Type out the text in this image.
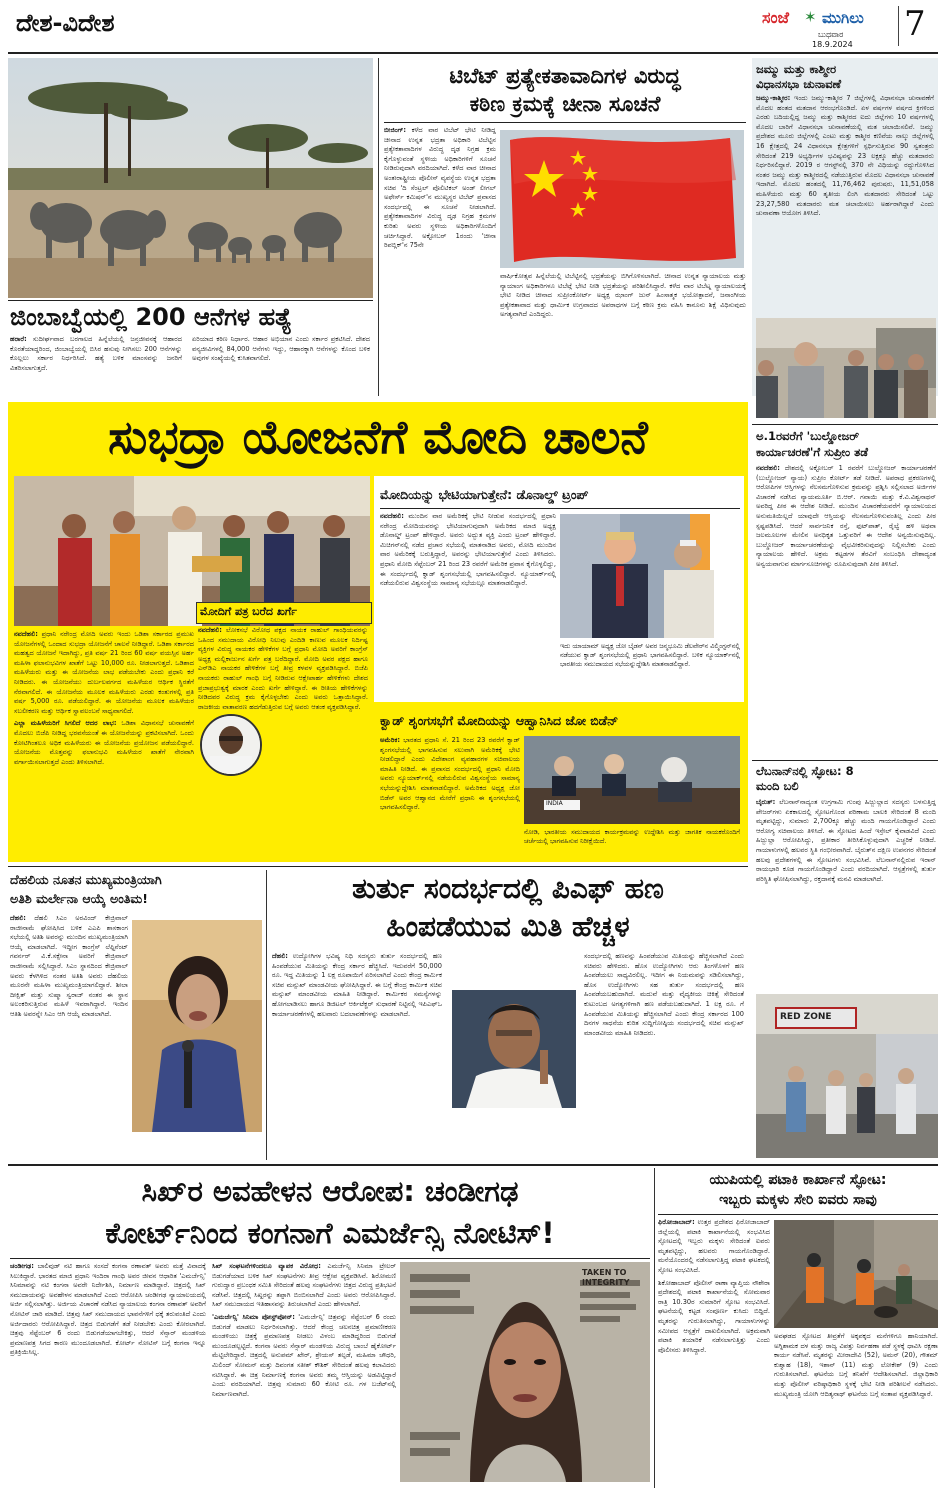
ದೇಶ-ವಿದೇಶ	ಸಂಜೆ ✶ ಮುಗಿಲು
ಬುಧವಾರ
18.9.2024
7
ಜಿಂಬಾಬ್ವೆಯಲ್ಲಿ 200 ಆನೆಗಳ ಹತ್ಯೆ
ಹರಾರೆ: ಸುದೀರ್ಘವಾದ ಬರಗಾಲದ ಹಿನ್ನೆಲೆಯಲ್ಲಿ ಜನ್ರಜೀವನಕ್ಕೆ ಆಹಾರದ ಕೊರತೆಯಾದ್ದರಿಂದ, ಜಿಂಬಾಬ್ವೆಯಲ್ಲಿ ಬಿಸಿರ ಹಸುವು ನೀಗಿಸಲು 200 ಆನೆಗಳನ್ನು ಕೊಲ್ಲಲು ಸರ್ಕಾರ ನಿರ್ಧರಿಸಿದೆ. ಹತ್ಯೆ ಬಳಿಕ ಮಾಂಸವನ್ನು ಜನರಿಗೆ ವಿತರಿಸಲಾಗುತ್ತದೆ.
ಏರಿಯಾದ ಕಠಿಣ ನಿರ್ಧಾರ. ಆಹಾರ ಅಭಿಯಾನ ಎಂದು ಸರ್ಕಾರ ಪ್ರಕಟಿಸಿದೆ. ದೇಶದ ವನ್ಯಜೀವಿಗಳಲ್ಲಿ 84,000 ಆನೆಗಳು ಇದ್ದು, ಆಹಾರಕ್ಕಾಗಿ ಆನೆಗಳನ್ನು ಕೊಂದ ಬಳಿಕ ಅವುಗಳ ಸಂಖ್ಯೆಯಲ್ಲಿ ಕುಸಿತವಾಗಲಿದೆ.
ಟಿಬೆಟ್ ಪ್ರತ್ಯೇಕತಾವಾದಿಗಳ ವಿರುದ್ಧ
ಕಠಿಣ ಕ್ರಮಕ್ಕೆ ಚೀನಾ ಸೂಚನೆ
ಬೀಜಿಂಗ್: ಕಳೆದ ವಾರ ಟಿಬೆಟ್ ಭೇಟಿ ನೀಡಿದ್ದ ಚೀನಾದ ಉನ್ನತ ಭದ್ರತಾ ಅಧಿಕಾರಿ ಟಿಬೆಟ್ಟಿನ ಪ್ರತ್ಯೇಕತಾವಾದಿಗಳ ವಿರುದ್ಧ ದೃಢ ನಿಗ್ರಹ ಕ್ರಮ ಕೈಗೊಳ್ಳುವಂತೆ ಸ್ಥಳೀಯ ಅಧಿಕಾರಿಗಳಿಗೆ ಸೂಚನೆ ನೀಡಿರುವುದಾಗಿ ವರದಿಯಾಗಿದೆ. ಕಳೆದ ವಾರ ಚೀನಾದ ಅಂತಃರಾಷ್ಟ್ರೀಯ ಪೊಲೀಸ್ ವ್ಯವಸ್ಥೆಯ ಉನ್ನತ ಭದ್ರತಾ ಸಚಿವ 'ದಿ ಸೆಂಟ್ರಲ್ ಪೊಲಿಟಿಕಲ್ ಅಂಡ್ ಲೀಗಲ್ ಅಫೇರ್ಸ್ ಕಮಿಷನ್'ನ ಮುಖ್ಯಸ್ಥರ ಟಿಬೆಟ್ ಪ್ರವಾಸದ ಸಂದರ್ಭದಲ್ಲಿ ಈ ಸೂಚನೆ ನೀಡಲಾಗಿದೆ. ಪ್ರತ್ಯೇಕತಾವಾದಿಗಳ ವಿರುದ್ಧ ದೃಢ ನಿಗ್ರಹ ಕ್ರಮಗಳ ಕುರಿತು ಅವರು ಸ್ಥಳೀಯ ಅಧಿಕಾರಿಗಳೊಂದಿಗೆ ಚರ್ಚಿಸಿದ್ದಾರೆ. ಅಕ್ಟೋಬರ್ 1ರಂದು 'ಚೀನಾ ರಿಪಬ್ಲಿಕ್'ನ 75ನೇ
ವಾರ್ಷಿಕೋತ್ಸವ ಹಿನ್ನೆಲೆಯಲ್ಲಿ ಟಿಬೆಟ್ಟಿನಲ್ಲಿ ಭದ್ರತೆಯನ್ನು ಬಿಗಿಗೊಳಿಸಲಾಗಿದೆ. ಚೀನಾದ ಉನ್ನತ ನ್ಯಾಯಾಲಯ ಮತ್ತು ನ್ಯಾಯಾಂಗ ಅಧಿಕಾರಿಗಳೂ ಟಿಬೆಟ್ಗೆ ಭೇಟಿ ನೀಡಿ ಭದ್ರತೆಯನ್ನು ಪರಿಶೀಲಿಸಿದ್ದಾರೆ. ಕಳೆದ ವಾರ ಟಿಬೆಟ್ನ ನ್ಯಾಯಾಲಯಕ್ಕೆ ಭೇಟಿ ನೀಡಿದ ಚೀನಾದ ಸುಪ್ರೀಂಕೋರ್ಟ್ ಅಧ್ಯಕ್ಷ ಝಾಂಗ್ ಜುನ್ ಹಿಂಸಾತ್ಮಕ ಭಯೋತ್ಪಾದನೆ, ಜನಾಂಗೀಯ ಪ್ರತ್ಯೇಕತಾವಾದ ಮತ್ತು ಧಾರ್ಮಿಕ ಉಗ್ರವಾದದ ಅಪರಾಧಗಳ ಬಗ್ಗೆ ಕಠಿಣ ಕ್ರಮ ವಹಿಸಿ ಕಾನೂನು ಶಿಕ್ಷೆ ವಿಧಿಸುವುದು ಅಗತ್ಯವಾಗಿದೆ ಎಂದಿದ್ದರು.
ಜಮ್ಮು ಮತ್ತು ಕಾಶ್ಮೀರ
ವಿಧಾನಸಭಾ ಚುನಾವಣೆ
ಜಮ್ಮು-ಕಾಶ್ಮೀರ: ಇಂದು ಜಮ್ಮು-ಕಾಶ್ಮೀರ 7 ಜಿಲ್ಲೆಗಳಲ್ಲಿ ವಿಧಾನಸಭಾ ಚುನಾವಣೆಗೆ ಮೊದಲ ಹಂತದ ಮತದಾನ ಆರಂಭಗೊಂಡಿದೆ. ಏಳ ವರ್ಷಗಳ ವರ್ಷದ ಕ್ರಿಗಳಿಂದ ಎರಡು ಬದಿಯಲ್ಲಿದ್ದ ಜಮ್ಮು ಮತ್ತು ಕಾಶ್ಮೀರದ ಐದು ಜಿಲ್ಲೆಗಳು 10 ವರ್ಷಗಳಲ್ಲಿ ಮೊದಲ ಬಾರಿಗೆ ವಿಧಾನಸಭಾ ಚುನಾವಣೆಯಲ್ಲಿ ಮತ ಚಲಾಯಿಸಲಿವೆ. ಜಮ್ಮು ಪ್ರದೇಶದ ಮೂರು ಜಿಲ್ಲೆಗಳಲ್ಲಿ ಎಂಟು ಮತ್ತು ಕಾಶ್ಮೀರ ಕಣಿವೆಯ ನಾಲ್ಕು ಜಿಲ್ಲೆಗಳಲ್ಲಿ 16 ಕ್ಷೇತ್ರದಲ್ಲಿ 24 ವಿಧಾನಸಭಾ ಕ್ಷೇತ್ರಗಳಿಗೆ ಸ್ಪರ್ಧಿಸುತ್ತಿರುವ 90 ಸ್ವತಂತ್ರರು ಸೇರಿದಂತೆ 219 ಅಭ್ಯರ್ಥಿಗಳ ಭವಿಷ್ಯವನ್ನು 23 ಲಕ್ಷಕ್ಕೂ ಹೆಚ್ಚು ಮತದಾರರು ನಿರ್ಧರಿಸಲಿದ್ದಾರೆ. 2019 ರ ಆಗಸ್ಟ್‌ನಲ್ಲಿ 370 ನೇ ವಿಧಿಯನ್ನು ರದ್ದುಗೊಳಿಸಿದ ನಂತರ ಜಮ್ಮು ಮತ್ತು ಕಾಶ್ಮೀರದಲ್ಲಿ ನಡೆಯುತ್ತಿರುವ ಮೊದಲ ವಿಧಾನಸಭಾ ಚುನಾವಣೆ ಇದಾಗಿದೆ. ಮೊದಲ ಹಂತದಲ್ಲಿ 11,76,462 ಪುರುಷರು, 11,51,058 ಮಹಿಳೆಯರು ಮತ್ತು 60 ತೃತೀಯ ಲಿಂಗಿ ಮತದಾರರು ಸೇರಿದಂತೆ ಒಟ್ಟು 23,27,580 ಮತದಾರರು ಮತ ಚಲಾಯಿಸಲು ಅರ್ಹರಾಗಿದ್ದಾರೆ ಎಂದು ಚುನಾವಣಾ ಆಯೋಗ ತಿಳಿಸಿದೆ.
ಸುಭದ್ರಾ ಯೋಜನೆಗೆ ಮೋದಿ ಚಾಲನೆ

ನವದೆಹಲಿ: ಪ್ರಧಾನಿ ನರೇಂದ್ರ ಮೋದಿ ಅವರು ಇಂದು ಒಡಿಶಾ ಸರ್ಕಾರದ ಪ್ರಮುಖ ಯೋಜನೆಗಳಲ್ಲಿ ಒಂದಾದ ಸುಭದ್ರಾ ಯೋಜನೆಗೆ ಚಾಲನೆ ನೀಡಿದ್ದಾರೆ. ಒಡಿಶಾ ಸರ್ಕಾರದ ಮಹತ್ವದ ಯೋಜನೆ ಇದಾಗಿದ್ದು, ಪ್ರತಿ ವರ್ಷ 21 ರಿಂದ 60 ವರ್ಷ ವಯಸ್ಸಿನ ಅರ್ಹ ಮಹಿಳಾ ಫಲಾನುಭವಿಗಳ ಖಾತೆಗೆ ಒಟ್ಟು 10,000 ರೂ. ನೀಡಲಾಗುತ್ತದೆ. ಒಡಿಶಾದ ಮಹಿಳೆಯರು ಮತ್ತು ಈ ಯೋಜನೆಯ ಲಾಭ ಪಡೆಯಬೇಕು ಎಂದು ಪ್ರಧಾನಿ ಕರೆ ನೀಡಿದರು. ಈ ಯೋಜನೆಯು ದುರ್ಬಲವರ್ಗದ ಮಹಿಳೆಯರ ಆರ್ಥಿಕ ಸ್ಥಿರತೆಗೆ ನೆರವಾಗಲಿದೆ. ಈ ಯೋಜನೆಯ ಮೂಲಕ ಮಹಿಳೆಯರು ಎರಡು ಕಂತುಗಳಲ್ಲಿ ಪ್ರತಿ ವರ್ಷ 5,000 ರೂ. ಪಡೆಯಲಿದ್ದಾರೆ. ಈ ಯೋಜನೆಯ ಮೂಲಕ ಮಹಿಳೆಯರ ಸಬಲೀಕರಣ ಮತ್ತು ಆರ್ಥಿಕ ಸ್ವಾವಲಂಬನೆ ಸಾಧ್ಯವಾಗಲಿದೆ.

ಎಲ್ಲಾ ಮಹಿಳೆಯರಿಗೆ ಸಿಗಲಿದೆ ಆದರ ಲಾಭ: ಒಡಿಶಾ ವಿಧಾನಸಭೆ ಚುನಾವಣೆಗೆ ಮೊದಲು ಬಿಜೆಪಿ ನೀಡಿದ್ದ ಭರವಸೆಯಂತೆ ಈ ಯೋಜನೆಯನ್ನು ಪ್ರಕಟಿಸಲಾಗಿದೆ. ಒಂದು ಕೋಟಿಗಿಂತಲೂ ಅಧಿಕ ಮಹಿಳೆಯರು ಈ ಯೋಜನೆಯ ಪ್ರಯೋಜನ ಪಡೆಯಲಿದ್ದಾರೆ. ಯೋಜನೆಯ ಮೊತ್ತವನ್ನು ಫಲಾನುಭವಿ ಮಹಿಳೆಯರ ಖಾತೆಗೆ ನೇರವಾಗಿ ವರ್ಗಾಯಿಸಲಾಗುತ್ತದೆ ಎಂದು ತಿಳಿಸಲಾಗಿದೆ.

ಮೋದಿಗೆ ಪತ್ರ ಬರೆದ ಖರ್ಗೆ
ನವದೆಹಲಿ: ಲೋಕಸಭೆ ವಿರೋಧ ಪಕ್ಷದ ನಾಯಕ ರಾಹುಲ್ ಗಾಂಧಿಯವರನ್ನು ಒಹಿಂದ ಸಮುದಾಯ ವಿರೋಧಿ ನಿಲುವು ಎಂದಿಡಿ ಕಾಣುವ ಮೂಲಕ ನಿರ್ದಿಷ್ಟ ವ್ಯಕ್ತಿಗಳ ವಿರುದ್ಧ ನಾಯಕರ ಹೇಳಿಕೆಗಳ ಬಗ್ಗೆ ಪ್ರಧಾನಿ ಮೋದಿ ಅವರಿಗೆ ಕಾಂಗ್ರೆಸ್ ಅಧ್ಯಕ್ಷ ಮಲ್ಲಿಕಾರ್ಜುನ ಖರ್ಗೆ ಪತ್ರ ಬರೆದಿದ್ದಾರೆ. ಮೋದಿ ಅವರ ಪಕ್ಷದ ಹಾಗೂ ಎನ್‌ಡಿಎ ನಾಯಕರ ಹೇಳಿಕೆಗಳ ಬಗ್ಗೆ ತೀವ್ರ ಕಳವಳ ವ್ಯಕ್ತಪಡಿಸಿದ್ದಾರೆ. ಬಿಜೆಪಿ ನಾಯಕರು ರಾಹುಲ್ ಗಾಂಧಿ ಬಗ್ಗೆ ನೀಡಿರುವ ಆಕ್ಷೇಪಾರ್ಹ ಹೇಳಿಕೆಗಳು ದೇಶದ ಪ್ರಜಾಪ್ರಭುತ್ವಕ್ಕೆ ಮಾರಕ ಎಂದು ಖರ್ಗೆ ಹೇಳಿದ್ದಾರೆ. ಈ ರೀತಿಯ ಹೇಳಿಕೆಗಳನ್ನು ನೀಡಿದವರ ವಿರುದ್ಧ ಕ್ರಮ ಕೈಗೊಳ್ಳಬೇಕು ಎಂದು ಅವರು ಒತ್ತಾಯಿಸಿದ್ದಾರೆ. ರಾಜಕೀಯ ವಾತಾವರಣ ಹದಗೆಡುತ್ತಿರುವ ಬಗ್ಗೆ ಅವರು ಆತಂಕ ವ್ಯಕ್ತಪಡಿಸಿದ್ದಾರೆ.
ಮೋದಿಯನ್ನು ಭೇಟಿಯಾಗುತ್ತೇನೆ: ಡೊನಾಲ್ಡ್ ಟ್ರಂಪ್
ನವದೆಹಲಿ: ಮುಂದಿನ ವಾರ ಅಮೆರಿಕಕ್ಕೆ ಭೇಟಿ ನೀಡುವ ಸಂದರ್ಭದಲ್ಲಿ ಪ್ರಧಾನಿ ನರೇಂದ್ರ ಮೋದಿಯವರನ್ನು ಭೇಟಿಯಾಗುವುದಾಗಿ ಅಮೆರಿಕದ ಮಾಜಿ ಅಧ್ಯಕ್ಷ ಡೊನಾಲ್ಡ್ ಟ್ರಂಪ್ ಹೇಳಿದ್ದಾರೆ. ಅವರು ಅದ್ಭುತ ವ್ಯಕ್ತಿ ಎಂದು ಟ್ರಂಪ್ ಹೇಳಿದ್ದಾರೆ. ಮಿಚಿಗನ್‌ನಲ್ಲಿ ನಡೆದ ಪ್ರಚಾರ ಸಭೆಯಲ್ಲಿ ಮಾತನಾಡಿದ ಅವರು, ಮೋದಿ ಮುಂದಿನ ವಾರ ಅಮೆರಿಕಕ್ಕೆ ಬರುತ್ತಿದ್ದಾರೆ, ಅವರನ್ನು ಭೇಟಿಯಾಗುತ್ತೇನೆ ಎಂದು ತಿಳಿಸಿದರು. ಪ್ರಧಾನಿ ಮೋದಿ ಸೆಪ್ಟೆಂಬರ್ 21 ರಿಂದ 23 ರವರೆಗೆ ಅಮೆರಿಕ ಪ್ರವಾಸ ಕೈಗೊಳ್ಳಲಿದ್ದು, ಈ ಸಂದರ್ಭದಲ್ಲಿ ಕ್ವಾಡ್ ಶೃಂಗಸಭೆಯಲ್ಲಿ ಭಾಗವಹಿಸಲಿದ್ದಾರೆ. ನ್ಯೂಯಾರ್ಕ್‌ನಲ್ಲಿ ನಡೆಯಲಿರುವ ವಿಶ್ವಸಂಸ್ಥೆಯ ಸಾಮಾನ್ಯ ಸಭೆಯಲ್ಲೂ ಮಾತನಾಡಲಿದ್ದಾರೆ.
ಇದು ಯಾಯಾಮ್ ಅಧ್ಯಕ್ಷ ಜೋ ಬೈಡನ್ ಅವರ ಜನ್ಮಭೂಮಿ ಡೆಲವೇರ್‌ನ ವಿಲ್ಮಿಂಗ್ಟನ್‌ನಲ್ಲಿ ನಡೆಯುವ ಕ್ವಾಡ್ ಶೃಂಗಸಭೆಯಲ್ಲಿ ಪ್ರಧಾನಿ ಭಾಗವಹಿಸಲಿದ್ದಾರೆ. ಬಳಿಕ ನ್ಯೂಯಾರ್ಕ್‌ನಲ್ಲಿ ಭಾರತೀಯ ಸಮುದಾಯದ ಸಭೆಯನ್ನುದ್ದೇಶಿಸಿ ಮಾತನಾಡಲಿದ್ದಾರೆ.
ಕ್ವಾಡ್ ಶೃಂಗಸಭೆಗೆ ಮೋದಿಯನ್ನು ಆಹ್ವಾನಿಸಿದ ಜೋ ಬಿಡೆನ್
ಅಮೆರಿಕ: ಭಾರತದ ಪ್ರಧಾನಿ ಸೆ. 21 ರಿಂದ 23 ರವರೆಗೆ ಕ್ವಾಡ್ ಶೃಂಗಸಭೆಯಲ್ಲಿ ಭಾಗವಹಿಸುವ ಸಲುವಾಗಿ ಅಮೆರಿಕಕ್ಕೆ ಭೇಟಿ ನೀಡಲಿದ್ದಾರೆ ಎಂದು ವಿದೇಶಾಂಗ ವ್ಯವಹಾರಗಳ ಸಚಿವಾಲಯ ಮಾಹಿತಿ ನೀಡಿದೆ. ಈ ಪ್ರವಾಸದ ಸಂದರ್ಭದಲ್ಲಿ ಪ್ರಧಾನಿ ಮೋದಿ ಅವರು ನ್ಯೂಯಾರ್ಕ್‌ನಲ್ಲಿ ನಡೆಯಲಿರುವ ವಿಶ್ವಸಂಸ್ಥೆಯ ಸಾಮಾನ್ಯ ಸಭೆಯನ್ನುದ್ದೇಶಿಸಿ ಮಾತನಾಡಲಿದ್ದಾರೆ. ಅಮೆರಿಕದ ಅಧ್ಯಕ್ಷ ಜೋ ಬಿಡೆನ್ ಅವರ ಆಹ್ವಾನದ ಮೇರೆಗೆ ಪ್ರಧಾನಿ ಈ ಶೃಂಗಸಭೆಯಲ್ಲಿ ಭಾಗವಹಿಸಲಿದ್ದಾರೆ.	INDIA
ನೋಡಿ, ಭಾರತೀಯ ಸಮುದಾಯದ ಕಾರ್ಯಕ್ರಮವನ್ನು ಉದ್ದೇಶಿಸಿ ಮತ್ತು ಜಾಗತಿಕ ನಾಯಕರೊಂದಿಗೆ ಚರ್ಚೆಯಲ್ಲಿ ಭಾಗವಹಿಸುವ ನಿರೀಕ್ಷೆಯಿದೆ.
ಅ.1ರವರೆಗೆ 'ಬುಲ್ಡೋಜರ್
ಕಾರ್ಯಾಚರಣೆ'ಗೆ ಸುಪ್ರೀಂ ತಡೆ
ನವದೆಹಲಿ: ದೇಶದಲ್ಲಿ ಅಕ್ಟೋಬರ್ 1 ರವರೆಗೆ ಬುಲ್ಡೋಜರ್ ಕಾರ್ಯಾಚರಣೆಗೆ (ಬುಲ್ಡೋಜರ್ ನ್ಯಾಯ) ಸುಪ್ರೀಂ ಕೋರ್ಟ್ ತಡೆ ನೀಡಿದೆ. ಅಪರಾಧ ಪ್ರಕರಣಗಳಲ್ಲಿ ಆರೋಪಿಗಳ ಆಸ್ತಿಗಳನ್ನು ನೆಲಸಮಗೊಳಿಸುವ ಕ್ರಮವನ್ನು ಪ್ರಶ್ನಿಸಿ ಸಲ್ಲಿಸಲಾದ ಅರ್ಜಿಗಳ ವಿಚಾರಣೆ ನಡೆಸಿದ ನ್ಯಾಯಮೂರ್ತಿ ಬಿ.ಆರ್. ಗವಾಯಿ ಮತ್ತು ಕೆ.ವಿ.ವಿಶ್ವನಾಥನ್ ಅವರಿದ್ದ ಪೀಠ ಈ ಆದೇಶ ನೀಡಿದೆ. ಮುಂದಿನ ವಿಚಾರಣೆಯವರೆಗೆ ನ್ಯಾಯಾಲಯದ ಅನುಮತಿಯಿಲ್ಲದೆ ಯಾವುದೇ ಆಸ್ತಿಯನ್ನು ನೆಲಸಮಗೊಳಿಸುವಂತಿಲ್ಲ ಎಂದು ಪೀಠ ಸ್ಪಷ್ಟಪಡಿಸಿದೆ. ಆದರೆ ಸಾರ್ವಜನಿಕ ರಸ್ತೆ, ಫುಟ್‌ಪಾತ್, ರೈಲ್ವೆ ಹಳಿ ಅಥವಾ ಜಲಮೂಲಗಳ ಮೇಲಿನ ಅನಧಿಕೃತ ಒತ್ತುವರಿಗೆ ಈ ಆದೇಶ ಅನ್ವಯಿಸುವುದಿಲ್ಲ. ಬುಲ್ಡೋಜರ್ ಕಾರ್ಯಾಚರಣೆಯನ್ನು ವೈಭವೀಕರಿಸುವುದನ್ನು ನಿಲ್ಲಿಸಬೇಕು ಎಂದು ನ್ಯಾಯಾಲಯ ಹೇಳಿದೆ. ಅಕ್ರಮ ಕಟ್ಟಡಗಳ ತೆರವಿಗೆ ಸಂಬಂಧಿಸಿ ದೇಶಾದ್ಯಂತ ಅನ್ವಯವಾಗುವ ಮಾರ್ಗಸೂಚಿಗಳನ್ನು ರೂಪಿಸುವುದಾಗಿ ಪೀಠ ತಿಳಿಸಿದೆ.
ಲೆಬನಾನ್‌ನಲ್ಲಿ ಸ್ಫೋಟ: 8
ಮಂದಿ ಬಲಿ
ಬೈರುತ್: ಲೆಬನಾನ್‌ನಾದ್ಯಂತ ಉಗ್ರಗಾಮಿ ಗುಂಪು ಹಿಜ್ಬುಲ್ಲಾದ ಸದಸ್ಯರು ಬಳಸುತ್ತಿದ್ದ ಪೇಜರ್‌ಗಳು ಏಕಕಾಲದಲ್ಲಿ ಸ್ಫೋಟಗೊಂಡ ಪರಿಣಾಮ ಬಾಲಕಿ ಸೇರಿದಂತೆ 8 ಮಂದಿ ಮೃತಪಟ್ಟಿದ್ದು, ಸುಮಾರು 2,700ಕ್ಕೂ ಹೆಚ್ಚು ಮಂದಿ ಗಾಯಗೊಂಡಿದ್ದಾರೆ ಎಂದು ಆರೋಗ್ಯ ಸಚಿವಾಲಯ ತಿಳಿಸಿದೆ. ಈ ಸ್ಫೋಟದ ಹಿಂದೆ ಇಸ್ರೇಲ್ ಕೈವಾಡವಿದೆ ಎಂದು ಹಿಜ್ಬುಲ್ಲಾ ಆರೋಪಿಸಿದ್ದು, ಪ್ರತೀಕಾರ ತೀರಿಸಿಕೊಳ್ಳುವುದಾಗಿ ಎಚ್ಚರಿಕೆ ನೀಡಿದೆ. ಗಾಯಾಳುಗಳಲ್ಲಿ ಹಲವರ ಸ್ಥಿತಿ ಗಂಭೀರವಾಗಿದೆ. ಬೈರುತ್‌ನ ದಕ್ಷಿಣ ಉಪನಗರ ಸೇರಿದಂತೆ ಹಲವು ಪ್ರದೇಶಗಳಲ್ಲಿ ಈ ಸ್ಫೋಟಗಳು ಸಂಭವಿಸಿವೆ. ಲೆಬನಾನ್‌ನಲ್ಲಿರುವ ಇರಾನ್ ರಾಯಭಾರಿ ಕೂಡ ಗಾಯಗೊಂಡಿದ್ದಾರೆ ಎಂದು ವರದಿಯಾಗಿದೆ. ಆಸ್ಪತ್ರೆಗಳಲ್ಲಿ ತುರ್ತು ಪರಿಸ್ಥಿತಿ ಘೋಷಿಸಲಾಗಿದ್ದು, ರಕ್ತದಾನಕ್ಕೆ ಮನವಿ ಮಾಡಲಾಗಿದೆ.
RED ZONE
ದೆಹಲಿಯ ನೂತನ ಮುಖ್ಯಮಂತ್ರಿಯಾಗಿ
ಅತಿಶಿ ಮರ್ಲೇನಾ ಆಯ್ಕೆ ಅಂತಿಮ!
ದೆಹಲಿ: ದೆಹಲಿ ಸಿಎಂ ಅರವಿಂದ್ ಕೇಜ್ರಿವಾಲ್ ರಾಜೀನಾಮೆ ಘೋಷಿಸಿದ ಬಳಿಕ ಎಎಪಿ ಶಾಸಕಾಂಗ ಸಭೆಯಲ್ಲಿ ಅತಿಶಿ ಅವರನ್ನು ಮುಂದಿನ ಮುಖ್ಯಮಂತ್ರಿಯಾಗಿ ಆಯ್ಕೆ ಮಾಡಲಾಗಿದೆ. ಇದ್ದೀಗ ಕಾಂಗ್ರೆಸ್ ಲೆಫ್ಟಿನೆಂಟ್ ಗವರ್ನರ್ ವಿ.ಕೆ.ಸಕ್ಸೇನಾ ಅವರಿಗೆ ಕೇಜ್ರಿವಾಲ್ ರಾಜೀನಾಮೆ ಸಲ್ಲಿಸಿದ್ದಾರೆ. ಸಿಎಂ ಸ್ಥಾನದಿಂದ ಕೇಜ್ರಿವಾಲ್ ಅವರು ಕೆಳಗಿಳಿದ ನಂತರ ಅತಿಶಿ ಅವರು ದೆಹಲಿಯ ಮೂರನೇ ಮಹಿಳಾ ಮುಖ್ಯಮಂತ್ರಿಯಾಗಲಿದ್ದಾರೆ. ಶೀಲಾ ದೀಕ್ಷಿತ್ ಮತ್ತು ಸುಷ್ಮಾ ಸ್ವರಾಜ್ ನಂತರ ಈ ಸ್ಥಾನ ಅಲಂಕರಿಸುತ್ತಿರುವ ಮಹಿಳೆ ಇವರಾಗಿದ್ದಾರೆ. ಇಂದಿನ ಆತಿಶಿ ಅವರನ್ನೇ ಸಿಎಂ ಆಗಿ ಆಯ್ಕೆ ಮಾಡಲಾಗಿದೆ.
ತುರ್ತು ಸಂದರ್ಭದಲ್ಲಿ ಪಿಎಫ್ ಹಣ
ಹಿಂಪಡೆಯುವ ಮಿತಿ ಹೆಚ್ಚಳ
ದೆಹಲಿ: ಉದ್ಯೋಗಿಗಳ ಭವಿಷ್ಯ ನಿಧಿ ಸದಸ್ಯರು ತುರ್ತು ಸಂದರ್ಭದಲ್ಲಿ ಹಣ ಹಿಂಪಡೆಯುವ ಮಿತಿಯನ್ನು ಕೇಂದ್ರ ಸರ್ಕಾರ ಹೆಚ್ಚಿಸಿದೆ. ಇದುವರೆಗೆ 50,000 ರೂ. ಇದ್ದ ಮಿತಿಯನ್ನು 1 ಲಕ್ಷ ರೂಪಾಯಿಗೆ ಏರಿಸಲಾಗಿದೆ ಎಂದು ಕೇಂದ್ರ ಕಾರ್ಮಿಕ ಸಚಿವ ಮನ್ಸುಖ್ ಮಾಂಡವೀಯ ಘೋಷಿಸಿದ್ದಾರೆ. ಈ ಬಗ್ಗೆ ಕೇಂದ್ರ ಕಾರ್ಮಿಕ ಸಚಿವ ಮನ್ಸುಖ್ ಮಾಂಡವೀಯ ಮಾಹಿತಿ ನೀಡಿದ್ದಾರೆ. ಕಾರ್ಮಿಕರ ಸಮಸ್ಯೆಗಳನ್ನು ಹೋಗಲಾಡಿಸಲು ಹಾಗೂ ಡಿಜಿಟಲ್ ಆರ್ಕಿಟೆಕ್ಚರ್ ಸುಧಾರಣೆ ನಿಟ್ಟಿನಲ್ಲಿ ಇಪಿಎಫ್‌ಒ ಕಾರ್ಯಾಚರಣೆಗಳಲ್ಲಿ ಹಲವಾರು ಬದಲಾವಣೆಗಳನ್ನು ಮಾಡಲಾಗಿದೆ.
ಸಂದರ್ಭದಲ್ಲಿ ಹಣವನ್ನು ಹಿಂಪಡೆಯುವ ಮಿತಿಯನ್ನು ಹೆಚ್ಚಿಸಲಾಗಿದೆ ಎಂದು ಸಚಿವರು ಹೇಳಿದರು. ಹೊಸ ಉದ್ಯೋಗಿಗಳು ಆರು ತಿಂಗಳೊಳಗೆ ಹಣ ಹಿಂಪಡೆಯಲು ಸಾಧ್ಯವಿರಲಿಲ್ಲ. ಇದೀಗ ಈ ನಿಯಮವನ್ನು ಸಡಿಲಿಸಲಾಗಿದ್ದು, ಹೊಸ ಉದ್ಯೋಗಿಗಳು ಸಹ ತುರ್ತು ಸಂದರ್ಭದಲ್ಲಿ ಹಣ ಹಿಂಪಡೆಯಬಹುದಾಗಿದೆ. ಮದುವೆ ಮತ್ತು ವೈದ್ಯಕೀಯ ಚಿಕಿತ್ಸೆ ಸೇರಿದಂತೆ ಕುಟುಂಬದ ಅಗತ್ಯಗಳಿಗಾಗಿ ಹಣ ಪಡೆಯಬಹುದಾಗಿದೆ. 1 ಲಕ್ಷ ರೂ. ಗೆ ಹಿಂಪಡೆಯುವ ಮಿತಿಯನ್ನು ಹೆಚ್ಚಿಸಲಾಗಿದೆ ಎಂದು ಕೇಂದ್ರ ಸರ್ಕಾರದ 100 ದಿನಗಳ ಸಾಧನೆಯ ಕುರಿತ ಸುದ್ದಿಗೋಷ್ಠಿಯ ಸಂದರ್ಭದಲ್ಲಿ ಸಚಿವ ಮನ್ಸುಖ್ ಮಾಂಡವೀಯ ಮಾಹಿತಿ ನೀಡಿದರು.
ಸಿಖ್‌ರ ಅವಹೇಳನ ಆರೋಪ: ಚಂಡೀಗಢ
ಕೋರ್ಟ್‌ನಿಂದ ಕಂಗನಾಗೆ ಎಮರ್ಜೆನ್ಸಿ ನೋಟಿಸ್!
ಚಂಡೀಗಢ: ಬಾಲಿವುಡ್ ನಟಿ ಹಾಗೂ ಸಂಸದೆ ಕಂಗನಾ ರಣಾವತ್ ಅವರು ಮತ್ತೆ ವಿವಾದಕ್ಕೆ ಸಿಲುಕಿದ್ದಾರೆ. ಭಾರತದ ಮಾಜಿ ಪ್ರಧಾನಿ ಇಂದಿರಾ ಗಾಂಧಿ ಅವರ ಜೀವನ ಆಧಾರಿತ 'ಎಮರ್ಜೆನ್ಸಿ' ಸಿನಿಮಾವನ್ನು ನಟಿ ಕಂಗನಾ ಅವರೇ ನಿರ್ದೇಶಿಸಿ, ನಿರ್ಮಾಣ ಮಾಡಿದ್ದಾರೆ. ಚಿತ್ರದಲ್ಲಿ ಸಿಖ್ ಸಮುದಾಯವನ್ನು ಅವಹೇಳನ ಮಾಡಲಾಗಿದೆ ಎಂದು ಆರೋಪಿಸಿ ಚಂಡೀಗಢ ನ್ಯಾಯಾಲಯದಲ್ಲಿ ಅರ್ಜಿ ಸಲ್ಲಿಸಲಾಗಿತ್ತು. ಅರ್ಜಿಯ ವಿಚಾರಣೆ ನಡೆಸಿದ ನ್ಯಾಯಾಲಯ ಕಂಗನಾ ರಣಾವತ್ ಅವರಿಗೆ ನೋಟಿಸ್ ಜಾರಿ ಮಾಡಿದೆ. ಚಿತ್ರವು ಸಿಖ್ ಸಮುದಾಯದ ಭಾವನೆಗಳಿಗೆ ಧಕ್ಕೆ ತರುವಂತಿದೆ ಎಂದು ಅರ್ಜಿದಾರರು ಆರೋಪಿಸಿದ್ದಾರೆ. ಚಿತ್ರದ ಬಿಡುಗಡೆಗೆ ತಡೆ ನೀಡಬೇಕು ಎಂದು ಕೋರಲಾಗಿದೆ. ಚಿತ್ರವು ಸೆಪ್ಟೆಂಬರ್ 6 ರಂದು ಬಿಡುಗಡೆಯಾಗಬೇಕಿತ್ತು, ಆದರೆ ಸೆನ್ಸಾರ್ ಮಂಡಳಿಯ ಪ್ರಮಾಣಪತ್ರ ಸಿಗದ ಕಾರಣ ಮುಂದೂಡಲಾಗಿದೆ. ಕೋರ್ಟ್ ನೋಟಿಸ್ ಬಗ್ಗೆ ಕಂಗನಾ ಇನ್ನೂ ಪ್ರತಿಕ್ರಿಯಿಸಿಲ್ಲ.

ಸಿಖ್ ಸಂಘಟನೆಗಳಿಂದಲೂ ವ್ಯಾಪಕ ವಿರೋಧ: ಎಮರ್ಜೆನ್ಸಿ ಸಿನಿಮಾ ಟ್ರೇಲರ್ ಬಿಡುಗಡೆಯಾದ ಬಳಿಕ ಸಿಖ್ ಸಂಘಟನೆಗಳು ತೀವ್ರ ಆಕ್ಷೇಪ ವ್ಯಕ್ತಪಡಿಸಿವೆ. ಶಿರೋಮಣಿ ಗುರುದ್ವಾರ ಪ್ರಬಂಧಕ ಸಮಿತಿ ಸೇರಿದಂತೆ ಹಲವು ಸಂಘಟನೆಗಳು ಚಿತ್ರದ ವಿರುದ್ಧ ಪ್ರತಿಭಟನೆ ನಡೆಸಿವೆ. ಚಿತ್ರದಲ್ಲಿ ಸಿಖ್ಖರನ್ನು ತಪ್ಪಾಗಿ ಬಿಂಬಿಸಲಾಗಿದೆ ಎಂದು ಅವರು ಆರೋಪಿಸಿದ್ದಾರೆ. ಸಿಖ್ ಸಮುದಾಯದ ಇತಿಹಾಸವನ್ನು ತಿರುಚಲಾಗಿದೆ ಎಂದು ಹೇಳಲಾಗಿದೆ.

'ಎಮರ್ಜೆನ್ಸಿ' ಸಿನಿಮಾ ಪೋಸ್ಟ್‌ಪೋನ್: 'ಎಮರ್ಜೆನ್ಸಿ' ಚಿತ್ರವನ್ನು ಸೆಪ್ಟೆಂಬರ್ 6 ರಂದು ಬಿಡುಗಡೆ ಮಾಡಲು ನಿರ್ಧರಿಸಲಾಗಿತ್ತು. ಆದರೆ ಕೇಂದ್ರ ಚಲನಚಿತ್ರ ಪ್ರಮಾಣೀಕರಣ ಮಂಡಳಿಯು ಚಿತ್ರಕ್ಕೆ ಪ್ರಮಾಣಪತ್ರ ನೀಡಲು ವಿಳಂಬ ಮಾಡಿದ್ದರಿಂದ ಬಿಡುಗಡೆ ಮುಂದೂಡಲ್ಪಟ್ಟಿದೆ. ಕಂಗನಾ ಅವರು ಸೆನ್ಸಾರ್ ಮಂಡಳಿಯ ವಿರುದ್ಧ ಬಾಂಬೆ ಹೈಕೋರ್ಟ್ ಮೆಟ್ಟಿಲೇರಿದ್ದಾರೆ. ಚಿತ್ರದಲ್ಲಿ ಅನುಪಮ್ ಖೇರ್, ಶ್ರೇಯಸ್ ತಲ್ಪಡೆ, ಮಹಿಮಾ ಚೌಧರಿ, ಮಿಲಿಂದ್ ಸೋಮನ್ ಮತ್ತು ದಿವಂಗತ ಸತೀಶ್ ಕೌಶಿಕ್ ಸೇರಿದಂತೆ ಹಲವು ಕಲಾವಿದರು ನಟಿಸಿದ್ದಾರೆ. ಈ ಚಿತ್ರ ನಿರ್ಮಾಣಕ್ಕೆ ಕಂಗನಾ ಅವರು ತಮ್ಮ ಆಸ್ತಿಯನ್ನು ಅಡವಿಟ್ಟಿದ್ದಾರೆ ಎಂದು ವರದಿಯಾಗಿದೆ. ಚಿತ್ರವು ಸುಮಾರು 60 ಕೋಟಿ ರೂ. ಗಳ ಬಜೆಟ್‌ನಲ್ಲಿ ನಿರ್ಮಾಣವಾಗಿದೆ.

TAKEN TO INTEGRITY
ಯುಪಿಯಲ್ಲಿ ಪಟಾಕಿ ಕಾರ್ಖಾನೆ ಸ್ಫೋಟ:
ಇಬ್ಬರು ಮಕ್ಕಳು ಸೇರಿ ಐವರು ಸಾವು

ಫಿರೋಜಾಬಾದ್: ಉತ್ತರ ಪ್ರದೇಶದ ಫಿರೋಜಾಬಾದ್ ಜಿಲ್ಲೆಯಲ್ಲಿ ಪಟಾಕಿ ಕಾರ್ಖಾನೆಯಲ್ಲಿ ಸಂಭವಿಸಿದ ಸ್ಫೋಟದಲ್ಲಿ ಇಬ್ಬರು ಮಕ್ಕಳು ಸೇರಿದಂತೆ ಐವರು ಮೃತಪಟ್ಟಿದ್ದು, ಹಲವರು ಗಾಯಗೊಂಡಿದ್ದಾರೆ. ಮನೆಯೊಂದರಲ್ಲಿ ನಡೆಸಲಾಗುತ್ತಿದ್ದ ಪಟಾಕಿ ಘಟಕದಲ್ಲಿ ಸ್ಫೋಟ ಸಂಭವಿಸಿದೆ.

ಶಿಕೋಹಾಬಾದ್ ಪೊಲೀಸ್ ಠಾಣಾ ವ್ಯಾಪ್ತಿಯ ನೌಶೇರಾ ಪ್ರದೇಶದಲ್ಲಿ ಪಟಾಕಿ ಕಾರ್ಖಾನೆಯಲ್ಲಿ ಸೋಮವಾರ ರಾತ್ರಿ 10.30ರ ಸುಮಾರಿಗೆ ಸ್ಫೋಟ ಸಂಭವಿಸಿದೆ. ಘಟನೆಯಲ್ಲಿ ಕಟ್ಟಡ ಸಂಪೂರ್ಣ ಕುಸಿದು ಬಿದ್ದಿದೆ. ಮೃತರನ್ನು ಗುರುತಿಸಲಾಗಿದ್ದು, ಗಾಯಾಳುಗಳನ್ನು ಸಮೀಪದ ಆಸ್ಪತ್ರೆಗೆ ದಾಖಲಿಸಲಾಗಿದೆ. ಅಕ್ರಮವಾಗಿ ಪಟಾಕಿ ತಯಾರಿಕೆ ನಡೆಸಲಾಗುತ್ತಿತ್ತು ಎಂದು ಪೊಲೀಸರು ತಿಳಿಸಿದ್ದಾರೆ.

ಅವಘಡದ ಸ್ಫೋಟದ ತೀವ್ರತೆಗೆ ಅಕ್ಕಪಕ್ಕದ ಮನೆಗಳಿಗೂ ಹಾನಿಯಾಗಿದೆ. ಅಗ್ನಿಶಾಮಕ ದಳ ಮತ್ತು ರಾಜ್ಯ ವಿಪತ್ತು ನಿರ್ವಹಣಾ ಪಡೆ ಸ್ಥಳಕ್ಕೆ ಧಾವಿಸಿ ರಕ್ಷಣಾ ಕಾರ್ಯ ನಡೆಸಿವೆ. ಮೃತರನ್ನು ಮೀರಾದೇವಿ (52), ಅಮನ್ (20), ಗೌತಮ್ ಕುಶ್ವಾಹ (18), ಇಶಾನ್ (11) ಮತ್ತು ಲೋಕೇಶ್ (9) ಎಂದು ಗುರುತಿಸಲಾಗಿದೆ. ಘಟನೆಯ ಬಗ್ಗೆ ತನಿಖೆಗೆ ಆದೇಶಿಸಲಾಗಿದೆ. ಜಿಲ್ಲಾಧಿಕಾರಿ ಮತ್ತು ಪೊಲೀಸ್ ವರಿಷ್ಠಾಧಿಕಾರಿ ಸ್ಥಳಕ್ಕೆ ಭೇಟಿ ನೀಡಿ ಪರಿಶೀಲನೆ ನಡೆಸಿದರು. ಮುಖ್ಯಮಂತ್ರಿ ಯೋಗಿ ಆದಿತ್ಯನಾಥ್ ಘಟನೆಯ ಬಗ್ಗೆ ಸಂತಾಪ ವ್ಯಕ್ತಪಡಿಸಿದ್ದಾರೆ.
